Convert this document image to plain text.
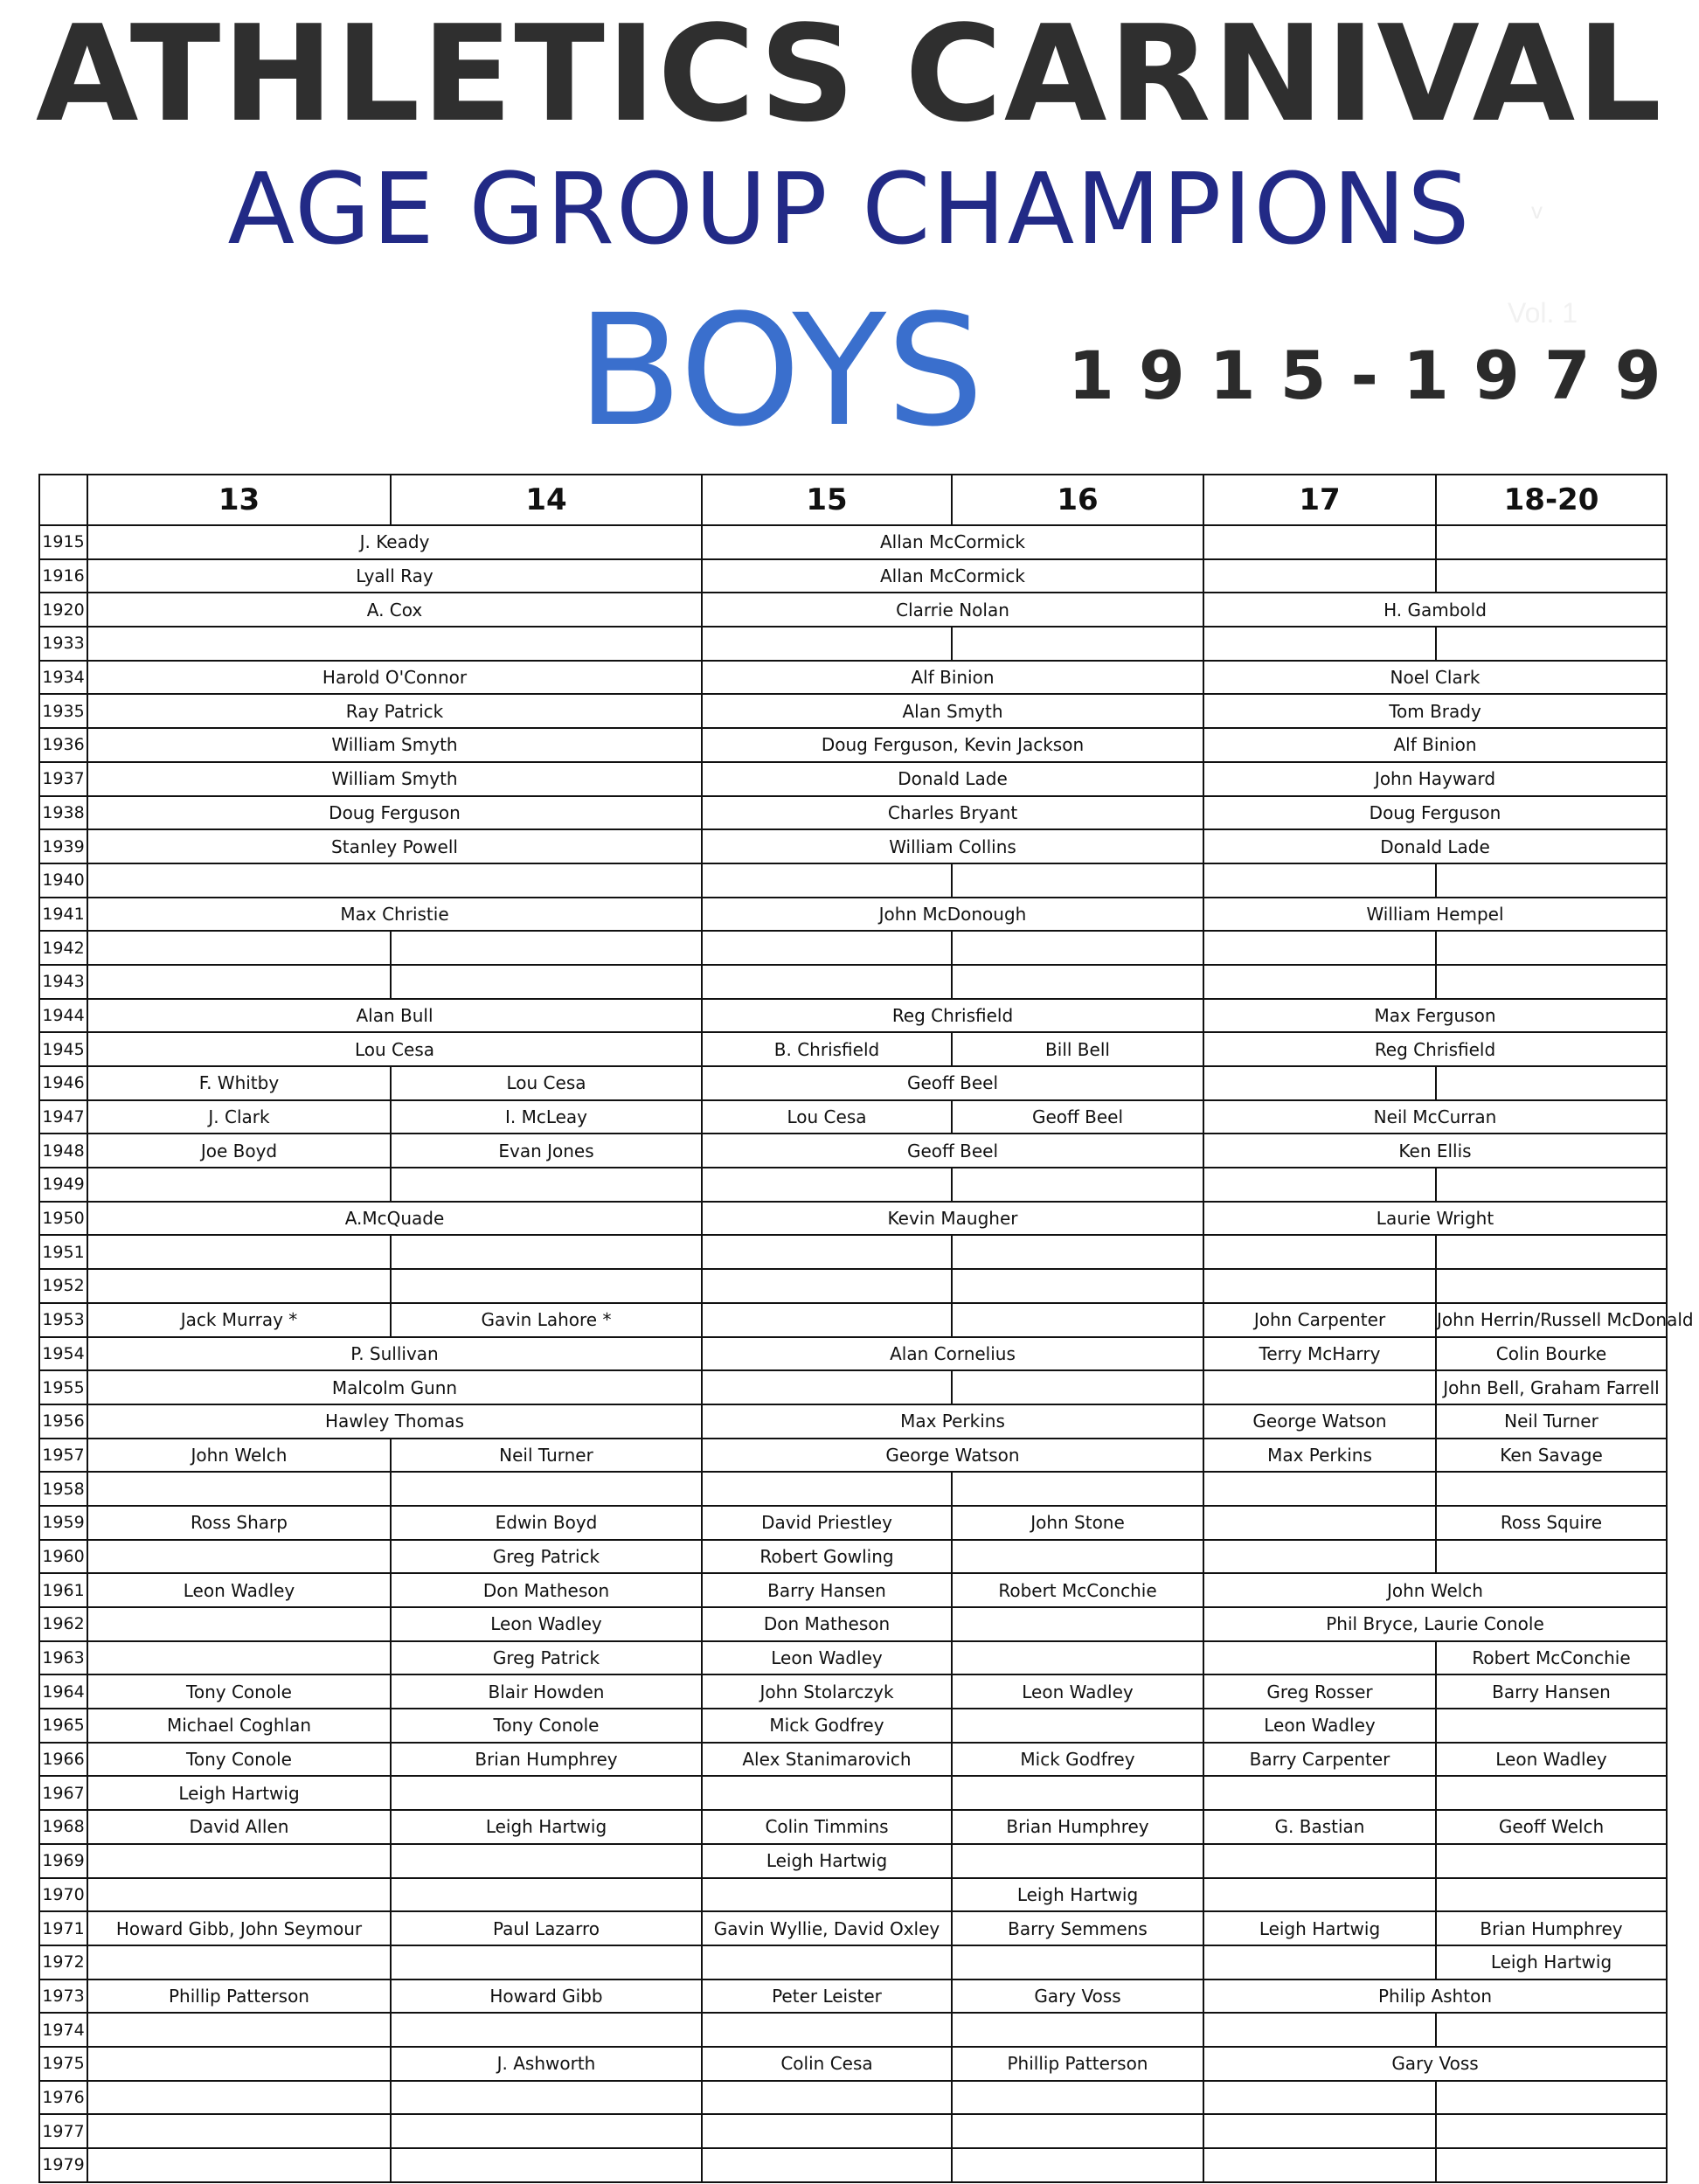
ATHLETICS CARNIVAL
AGE GROUP CHAMPIONS
BOYS 1915-1979
Vol. 1
v
	13	14	15	16	17	18-20
1915	J. Keady		Allan McCormick			
1916	Lyall Ray		Allan McCormick			
1920	A. Cox		Clarrie Nolan		H. Gambold	
1933						
1934	Harold O'Connor		Alf Binion		Noel Clark	
1935	Ray Patrick		Alan Smyth		Tom Brady	
1936	William Smyth		Doug Ferguson, Kevin Jackson		Alf Binion	
1937	William Smyth		Donald Lade		John Hayward	
1938	Doug Ferguson		Charles Bryant		Doug Ferguson	
1939	Stanley Powell		William Collins		Donald Lade	
1940						
1941	Max Christie		John McDonough		William Hempel	
1942						
1943						
1944	Alan Bull		Reg Chrisfield		Max Ferguson	
1945	Lou Cesa		B. Chrisfield	Bill Bell	Reg Chrisfield	
1946	F. Whitby	Lou Cesa	Geoff Beel			
1947	J. Clark	I. McLeay	Lou Cesa	Geoff Beel	Neil McCurran	
1948	Joe Boyd	Evan Jones	Geoff Beel		Ken Ellis	
1949						
1950	A.McQuade		Kevin Maugher		Laurie Wright	
1951						
1952						
1953	Jack Murray *	Gavin Lahore *			John Carpenter	John Herrin/Russell McDonald
1954	P. Sullivan		Alan Cornelius		Terry McHarry	Colin Bourke
1955	Malcolm Gunn					John Bell, Graham Farrell
1956	Hawley Thomas		Max Perkins		George Watson	Neil Turner
1957	John Welch	Neil Turner	George Watson		Max Perkins	Ken Savage
1958						
1959	Ross Sharp	Edwin Boyd	David Priestley	John Stone		Ross Squire
1960		Greg Patrick	Robert Gowling			
1961	Leon Wadley	Don Matheson	Barry Hansen	Robert McConchie	John Welch	
1962		Leon Wadley	Don Matheson		Phil Bryce, Laurie Conole	
1963		Greg Patrick	Leon Wadley			Robert McConchie
1964	Tony Conole	Blair Howden	John Stolarczyk	Leon Wadley	Greg Rosser	Barry Hansen
1965	Michael Coghlan	Tony Conole	Mick Godfrey		Leon Wadley	
1966	Tony Conole	Brian Humphrey	Alex Stanimarovich	Mick Godfrey	Barry Carpenter	Leon Wadley
1967	Leigh Hartwig					
1968	David Allen	Leigh Hartwig	Colin Timmins	Brian Humphrey	G. Bastian	Geoff Welch
1969			Leigh Hartwig			
1970				Leigh Hartwig		
1971	Howard Gibb, John Seymour	Paul Lazarro	Gavin Wyllie, David Oxley	Barry Semmens	Leigh Hartwig	Brian Humphrey
1972						Leigh Hartwig
1973	Phillip Patterson	Howard Gibb	Peter Leister	Gary Voss	Philip Ashton	
1974						
1975		J. Ashworth	Colin Cesa	Phillip Patterson	Gary Voss	
1976						
1977						
1979						
